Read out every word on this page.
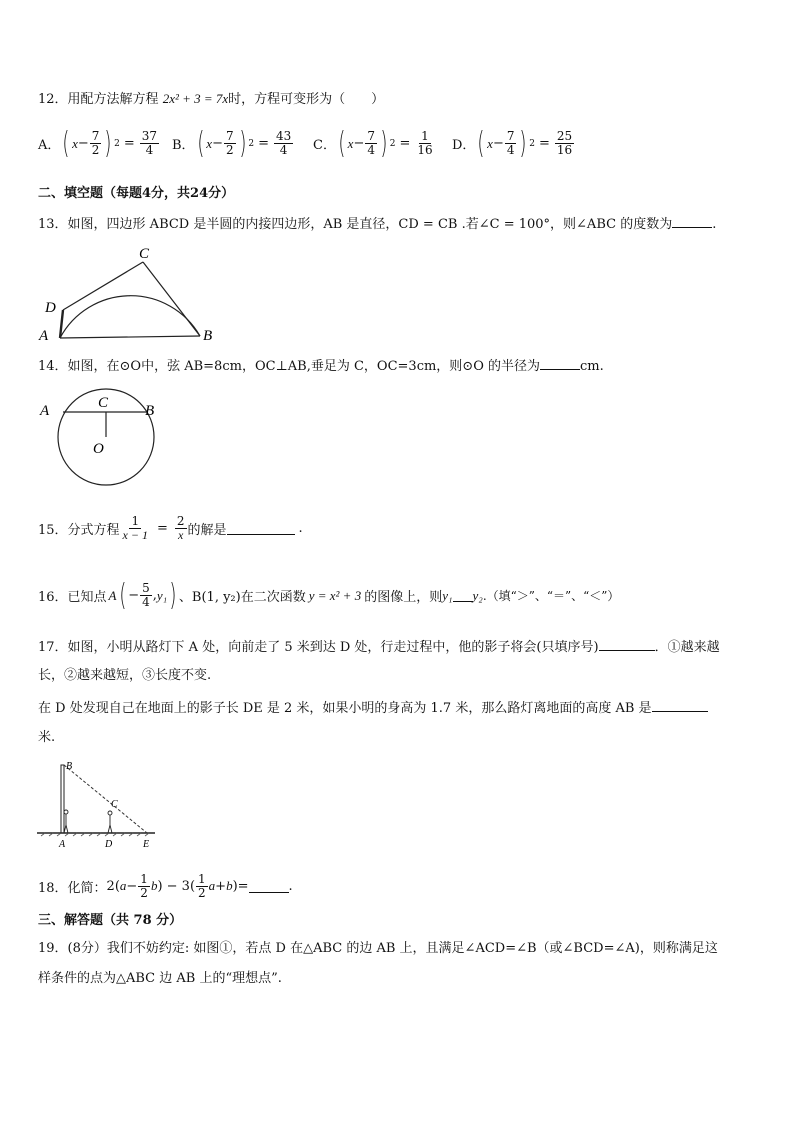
12．用配方法解方程 2x² + 3 = 7x时，方程可变形为（　　）
A． ( $x - \frac{7}{2}$ ) $2 = \frac{37}{4}$ B． ( $x - \frac{7}{2}$ ) $2 = \frac{43}{4}$ C． ( $x - \frac{7}{4}$ ) $2 = \frac{1}{16}$ D． ( $x - \frac{7}{4}$ ) $2 = \frac{25}{16}$
二、填空题（每题4分，共24分）
13．如图，四边形 ABCD 是半圆的内接四边形，AB 是直径，CD = CB .若∠C = 100°，则∠ABC 的度数为	.
C
D
A	B
14．如图，在⊙O中，弦 AB=8cm，OC⊥AB,垂足为 C，OC=3cm，则⊙O 的半径为	cm.
A	C B
O
15．分式方程 $\frac{1}{x - 1} = \frac{2}{x}$ 的解是	.
16．已知点 A ( − $\frac{5}{4}$ , y₁ ) 、B(1, y₂)在二次函数 y = x² + 3 的图像上，则 y₁ y₂ .（填“＞”、“＝”、“＜”）
17．如图，小明从路灯下 A 处，向前走了 5 米到达 D 处，行走过程中，他的影子将会(只填序号)	．①越来越
长，②越来越短，③长度不变.
在 D 处发现自己在地面上的影子长 DE 是 2 米，如果小明的身高为 1.7 米，那么路灯离地面的高度 AB 是
米.
B
C
A	D	E
18．化简： 2( $a - \frac{1}{2}$ b ) − $3( \frac{1}{2}$ a + b ) =	.
三、解答题（共 78 分）
19．(8分）我们不妨约定: 如图①，若点 D 在△ABC 的边 AB 上，且满足∠ACD=∠B（或∠BCD=∠A)，则称满足这
样条件的点为△ABC 边 AB 上的“理想点”.
